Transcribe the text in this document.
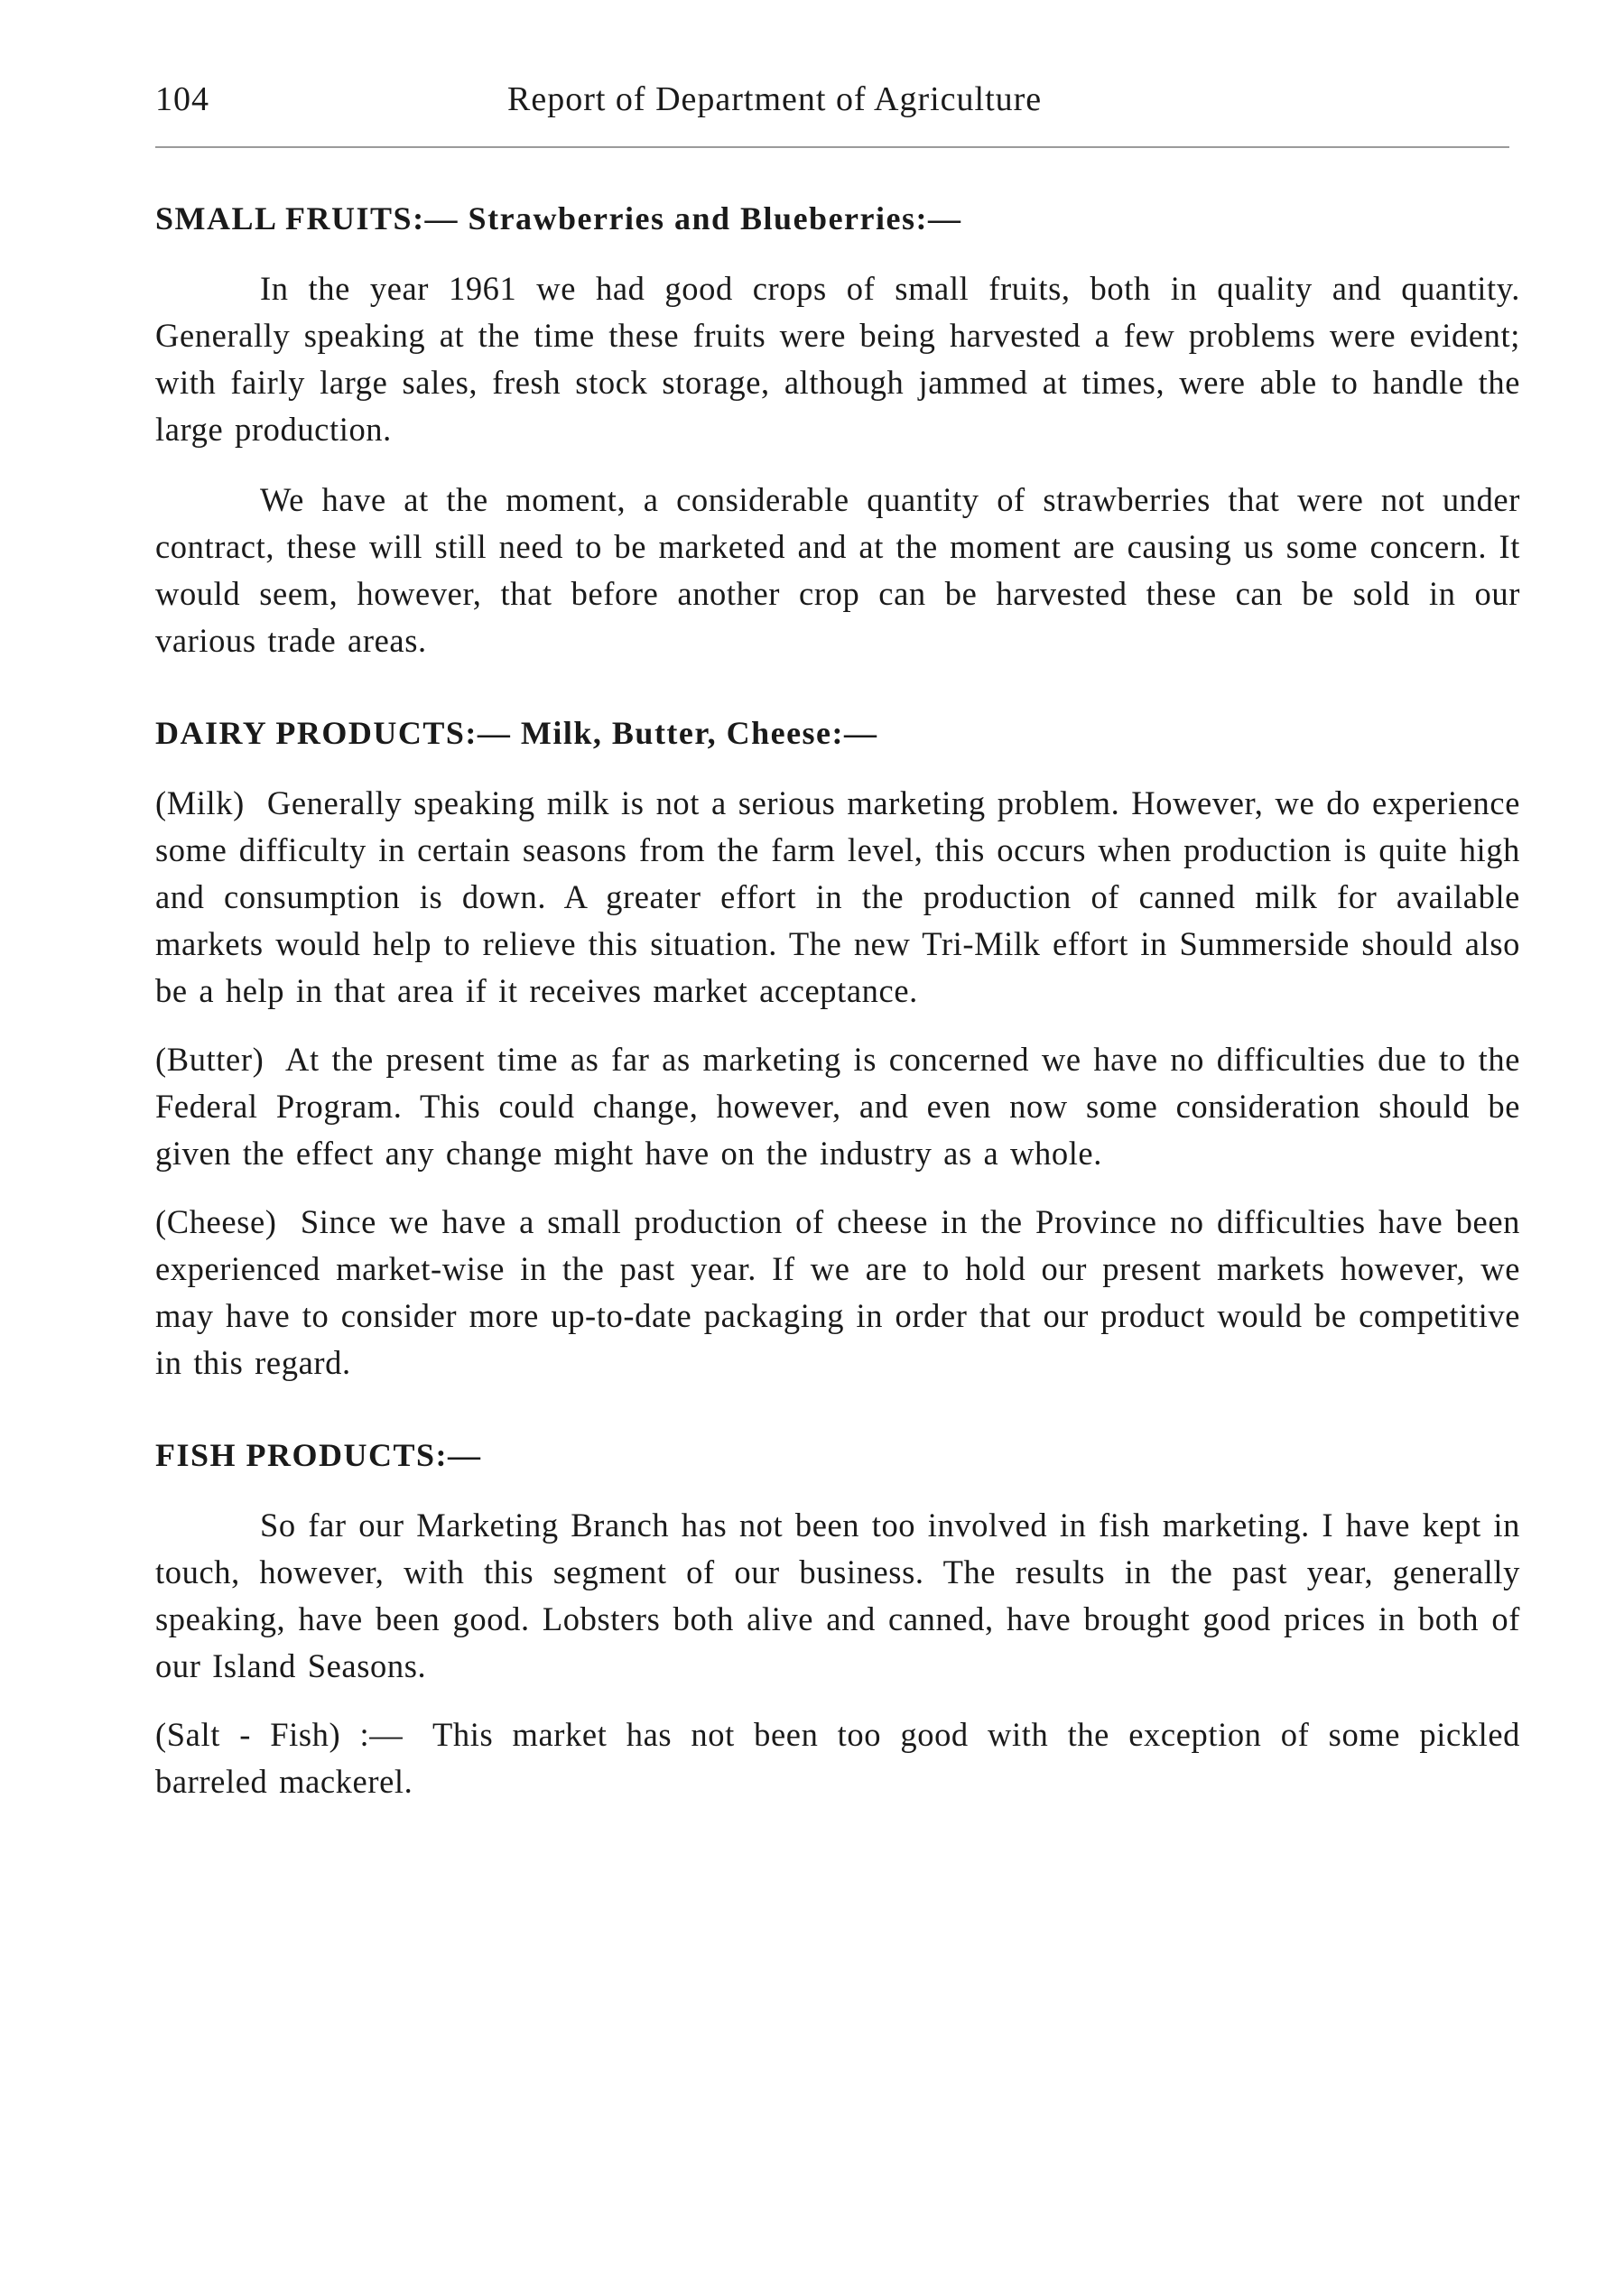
104	Report of Department of Agriculture

SMALL FRUITS:— Strawberries and Blueberries:—

In the year 1961 we had good crops of small fruits, both in quality and quantity. Generally speaking at the time these fruits were being harvested a few problems were evident; with fairly large sales, fresh stock storage, although jammed at times, were able to handle the large production.

We have at the moment, a considerable quantity of strawberries that were not under contract, these will still need to be marketed and at the moment are causing us some concern. It would seem, however, that before another crop can be harvested these can be sold in our various trade areas.

DAIRY PRODUCTS:— Milk, Butter, Cheese:—

(Milk) Generally speaking milk is not a serious marketing problem. However, we do experience some difficulty in certain seasons from the farm level, this occurs when production is quite high and consumption is down. A greater effort in the production of canned milk for available markets would help to relieve this situation. The new Tri-Milk effort in Summerside should also be a help in that area if it receives market acceptance.

(Butter) At the present time as far as marketing is concerned we have no difficulties due to the Federal Program. This could change, however, and even now some consideration should be given the effect any change might have on the industry as a whole.

(Cheese) Since we have a small production of cheese in the Province no difficulties have been experienced market-wise in the past year. If we are to hold our present markets however, we may have to consider more up-to-date packaging in order that our product would be competitive in this regard.

FISH PRODUCTS:—

So far our Marketing Branch has not been too involved in fish marketing. I have kept in touch, however, with this segment of our business. The results in the past year, generally speaking, have been good. Lobsters both alive and canned, have brought good prices in both of our Island Seasons.

(Salt - Fish) :— This market has not been too good with the exception of some pickled barreled mackerel.
